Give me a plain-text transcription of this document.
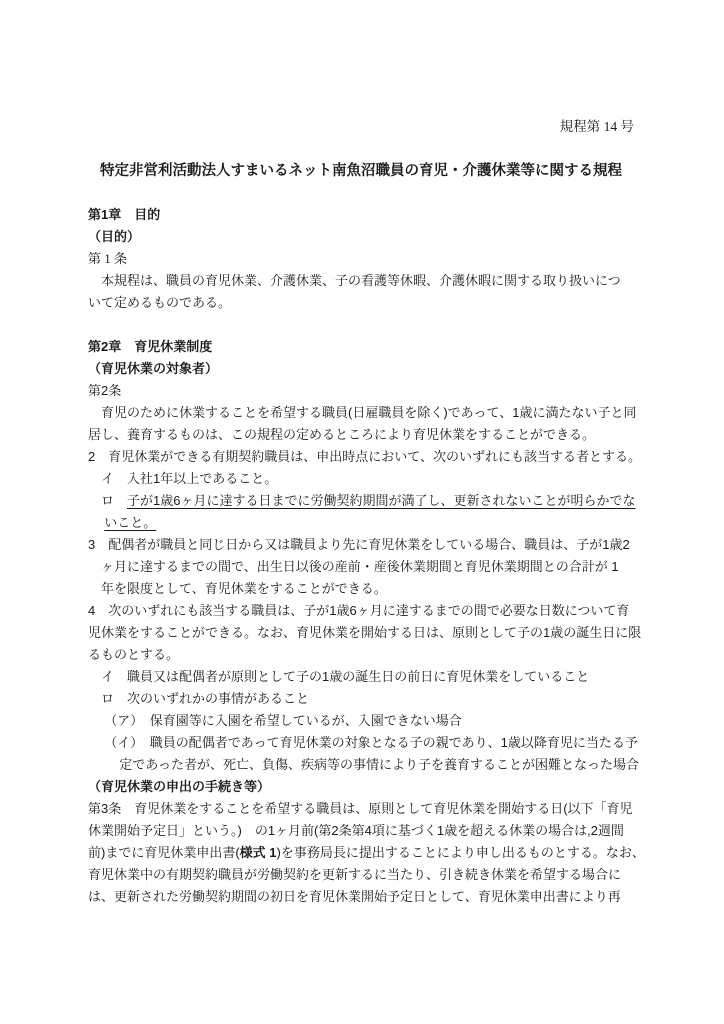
規程第 14 号
特定非営利活動法人すまいるネット南魚沼職員の育児・介護休業等に関する規程
第1章　目的
（目的）
第 1 条
　本規程は、職員の育児休業、介護休業、子の看護等休暇、介護休暇に関する取り扱いにつ
いて定めるものである。
第2章　育児休業制度
（育児休業の対象者）
第2条
　育児のために休業することを希望する職員(日雇職員を除く)であって、1歳に満たない子と同
居し、養育するものは、この規程の定めるところにより育児休業をすることができる。
2　育児休業ができる有期契約職員は、申出時点において、次のいずれにも該当する者とする。
イ　入社1年以上であること。
ロ　子が1歳6ヶ月に達する日までに労働契約期間が満了し、更新されないことが明らかでな
いこと。
3　配偶者が職員と同じ日から又は職員より先に育児休業をしている場合、職員は、子が1歳2
ヶ月に達するまでの間で、出生日以後の産前・産後休業期間と育児休業期間との合計が 1
年を限度として、育児休業をすることができる。
4　次のいずれにも該当する職員は、子が1歳6ヶ月に達するまでの間で必要な日数について育
児休業をすることができる。なお、育児休業を開始する日は、原則として子の1歳の誕生日に限
るものとする。
イ　職員又は配偶者が原則として子の1歳の誕生日の前日に育児休業をしていること
ロ　次のいずれかの事情があること
（ア）　保育園等に入園を希望しているが、入園できない場合
（イ）　職員の配偶者であって育児休業の対象となる子の親であり、1歳以降育児に当たる予
定であった者が、死亡、負傷、疾病等の事情により子を養育することが困難となった場合
（育児休業の申出の手続き等）
第3条　育児休業をすることを希望する職員は、原則として育児休業を開始する日(以下「育児
休業開始予定日」という。)　の1ヶ月前(第2条第4項に基づく1歳を超える休業の場合は,2週間
前)までに育児休業申出書(様式 1)を事務局長に提出することにより申し出るものとする。なお、
育児休業中の有期契約職員が労働契約を更新するに当たり、引き続き休業を希望する場合に
は、更新された労働契約期間の初日を育児休業開始予定日として、育児休業申出書により再
